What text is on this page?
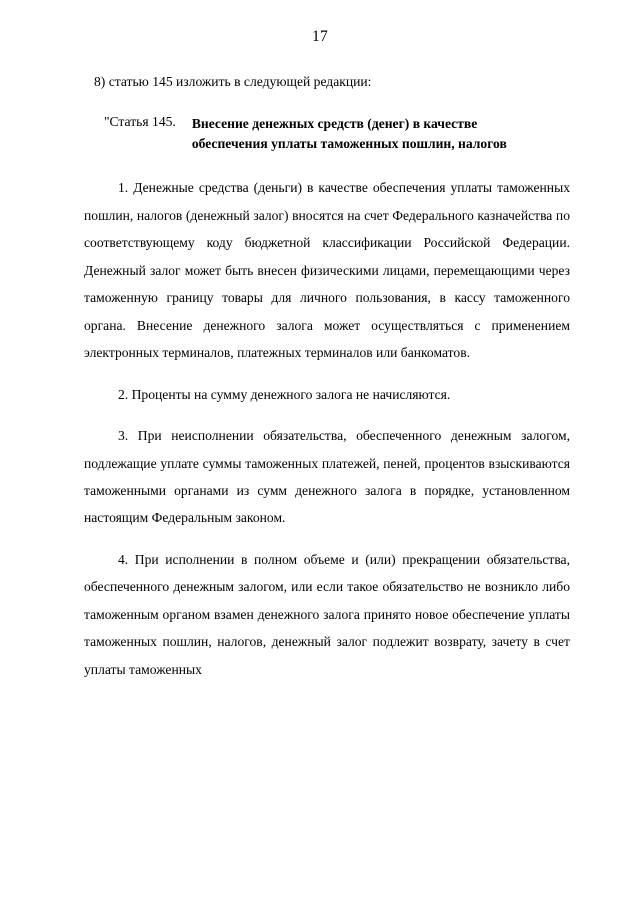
17
8) статью 145 изложить в следующей редакции:
"Статья 145. Внесение денежных средств (денег) в качестве обеспечения уплаты таможенных пошлин, налогов

1. Денежные средства (деньги) в качестве обеспечения уплаты таможенных пошлин, налогов (денежный залог) вносятся на счет Федерального казначейства по соответствующему коду бюджетной классификации Российской Федерации. Денежный залог может быть внесен физическими лицами, перемещающими через таможенную границу товары для личного пользования, в кассу таможенного органа. Внесение денежного залога может осуществляться с применением электронных терминалов, платежных терминалов или банкоматов.

2. Проценты на сумму денежного залога не начисляются.

3. При неисполнении обязательства, обеспеченного денежным залогом, подлежащие уплате суммы таможенных платежей, пеней, процентов взыскиваются таможенными органами из сумм денежного залога в порядке, установленном настоящим Федеральным законом.

4. При исполнении в полном объеме и (или) прекращении обязательства, обеспеченного денежным залогом, или если такое обязательство не возникло либо таможенным органом взамен денежного залога принято новое обеспечение уплаты таможенных пошлин, налогов, денежный залог подлежит возврату, зачету в счет уплаты таможенных
